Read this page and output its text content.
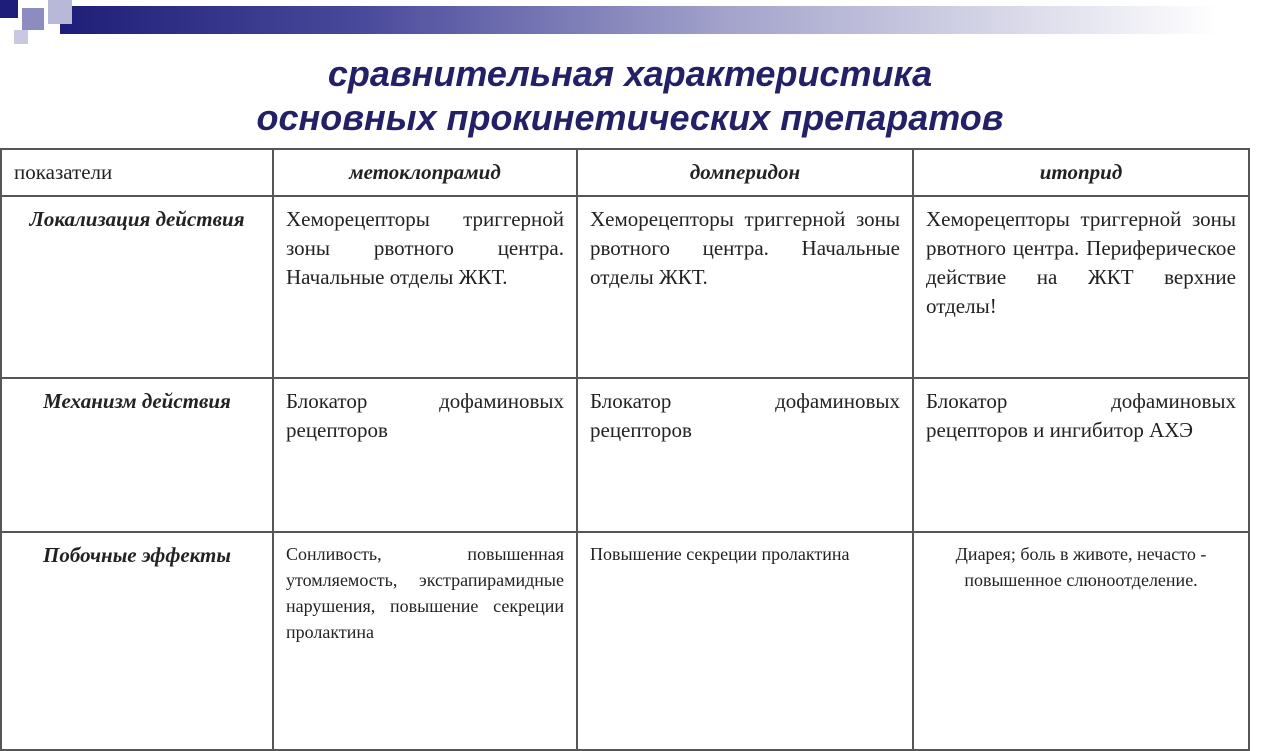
сравнительная характеристика
основных прокинетических препаратов
показатели	метоклопрамид	домперидон	итоприд
Локализация действия	Хеморецепторы триггерной зоны рвотного центра. Начальные отделы ЖКТ.	Хеморецепторы триггерной зоны рвотного центра. Начальные отделы ЖКТ.	Хеморецепторы триггерной зоны рвотного центра. Периферическое действие на ЖКТ верхние отделы!
Механизм действия	Блокатор дофаминовых рецепторов	Блокатор дофаминовых рецепторов	Блокатор дофаминовых рецепторов и ингибитор АХЭ
Побочные эффекты	Сонливость, повышенная утомляемость, экстрапирамидные нарушения, повышение секреции пролактина	Повышение секреции пролактина	Диарея; боль в животе, нечасто - повышенное слюноотделение.
